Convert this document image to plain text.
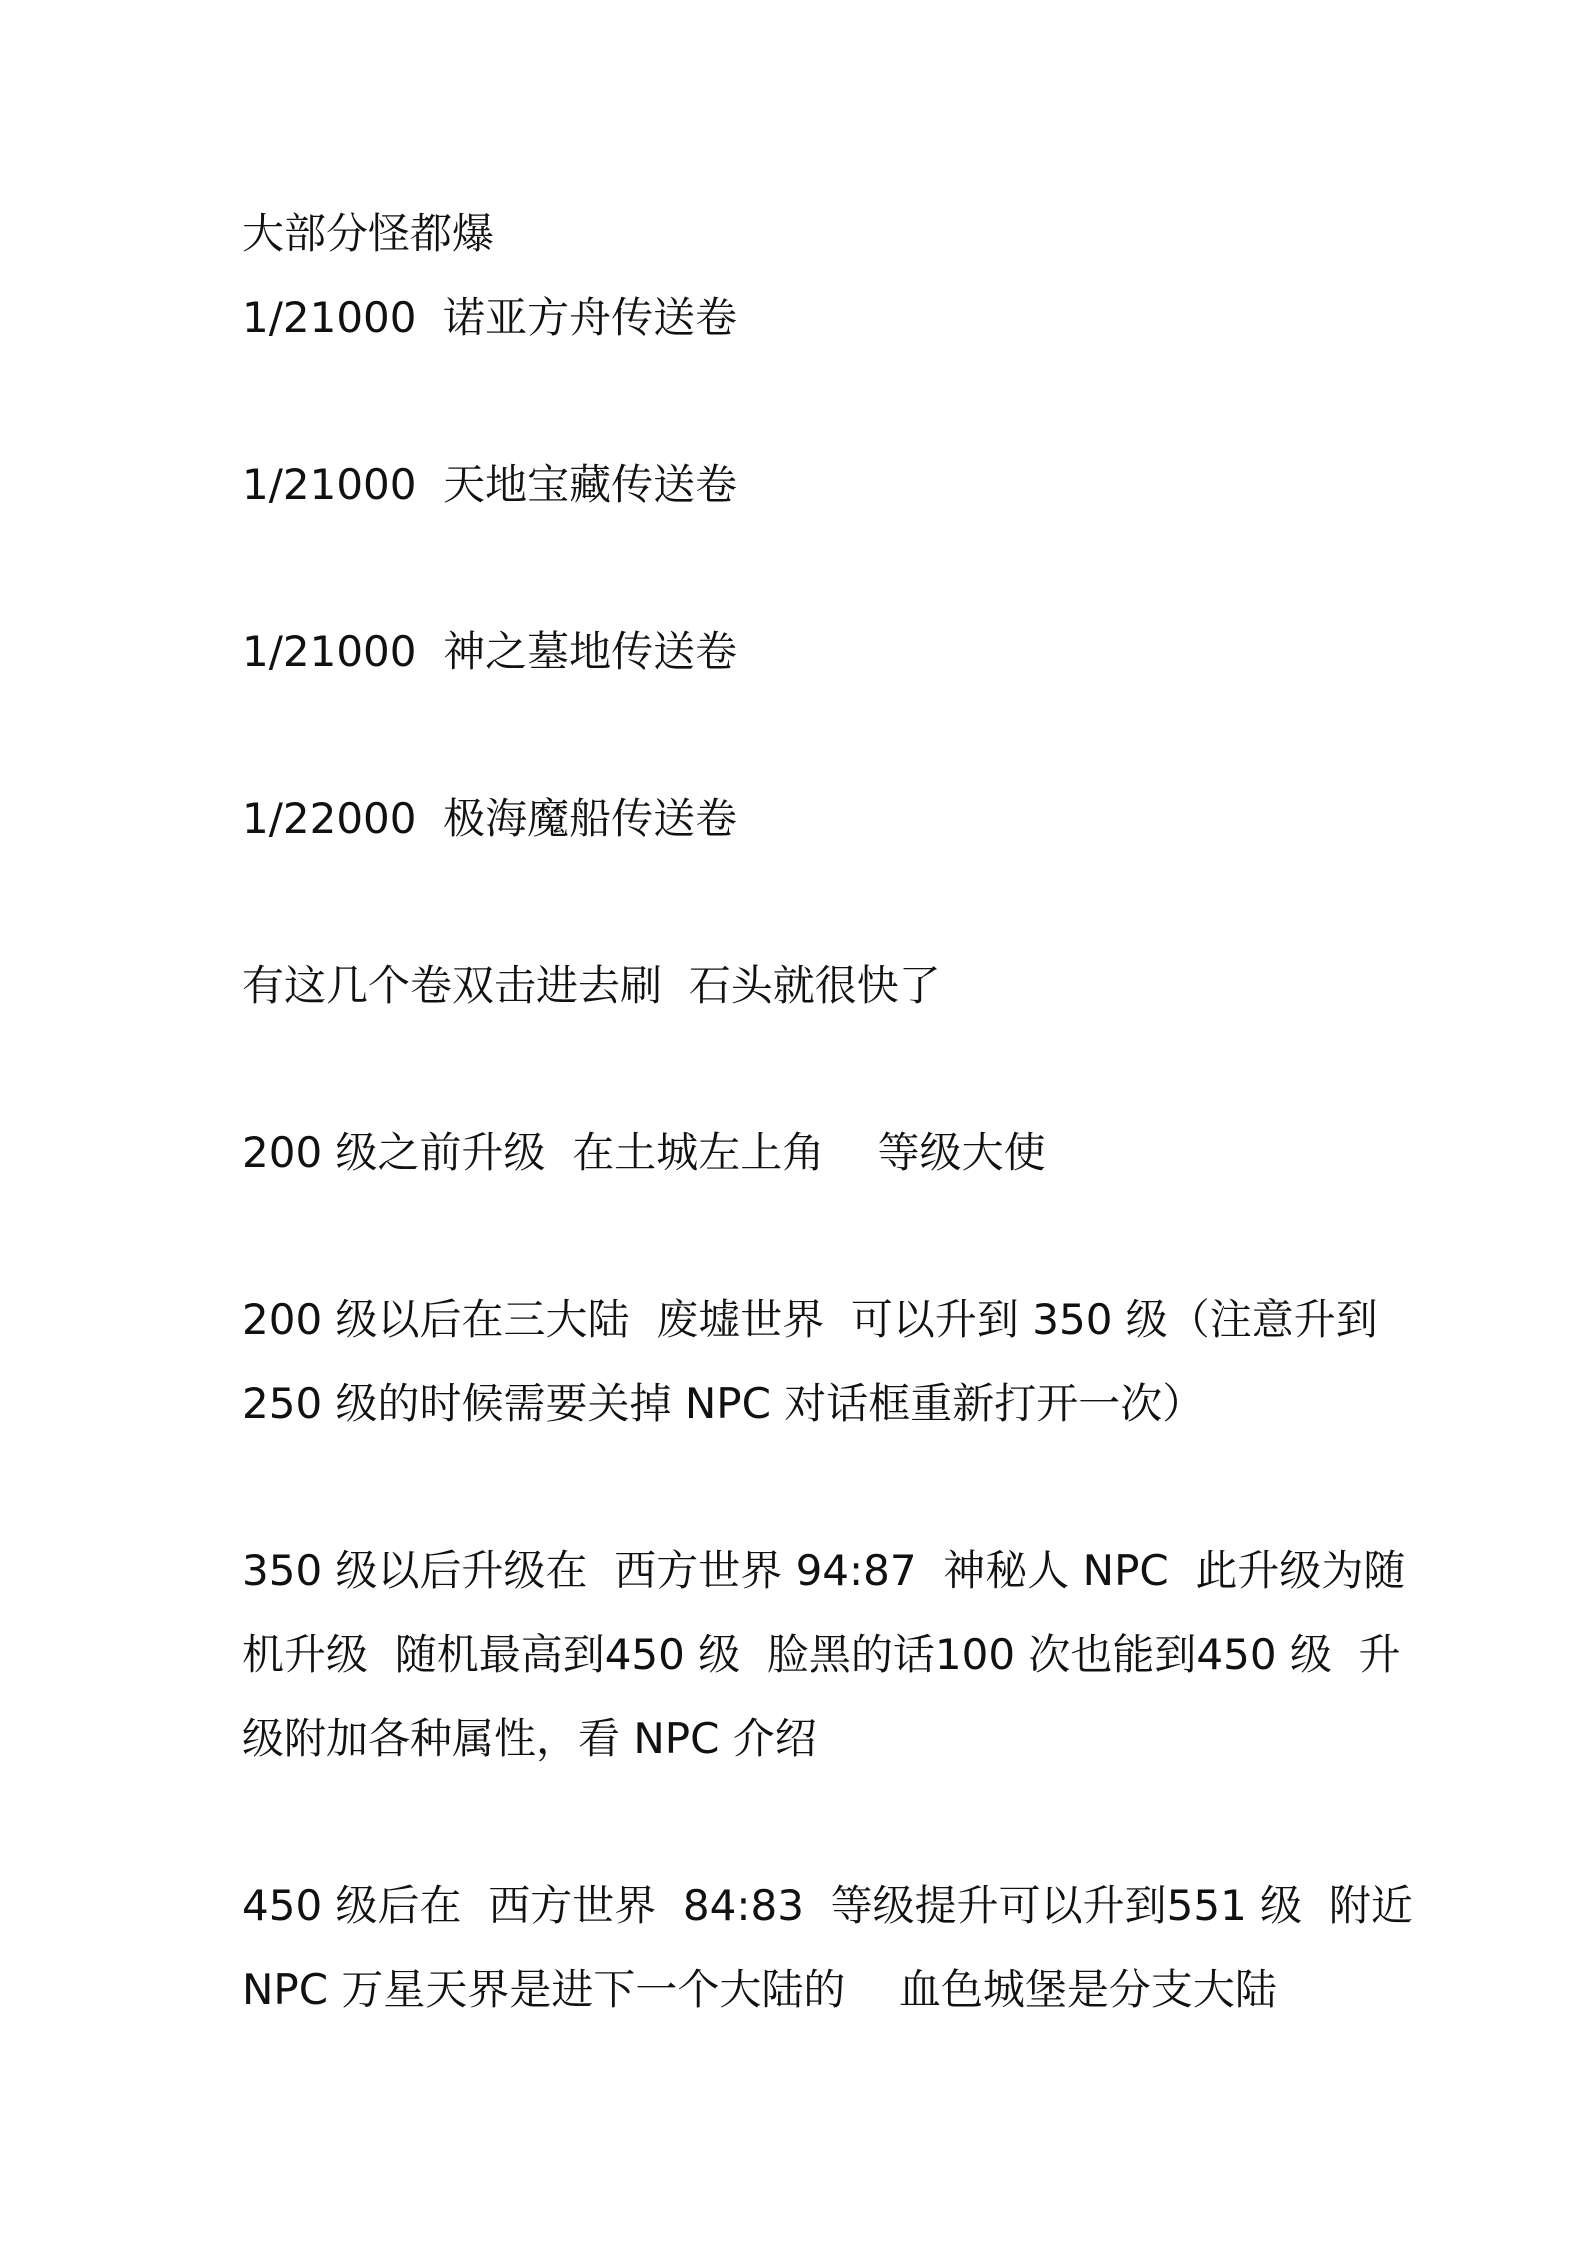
大部分怪都爆

1/21000  诺亚方舟传送卷

1/21000  天地宝藏传送卷

1/21000  神之墓地传送卷

1/22000  极海魔船传送卷

有这几个卷双击进去刷  石头就很快了

200 级之前升级  在土城左上角    等级大使

200 级以后在三大陆  废墟世界  可以升到 350 级（注意升到

250 级的时候需要关掉 NPC 对话框重新打开一次）

350 级以后升级在  西方世界 94:87  神秘人 NPC  此升级为随

机升级  随机最高到450 级  脸黑的话100 次也能到450 级  升

级附加各种属性，看 NPC 介绍

450 级后在  西方世界  84:83  等级提升可以升到551 级  附近

NPC 万星天界是进下一个大陆的    血色城堡是分支大陆
